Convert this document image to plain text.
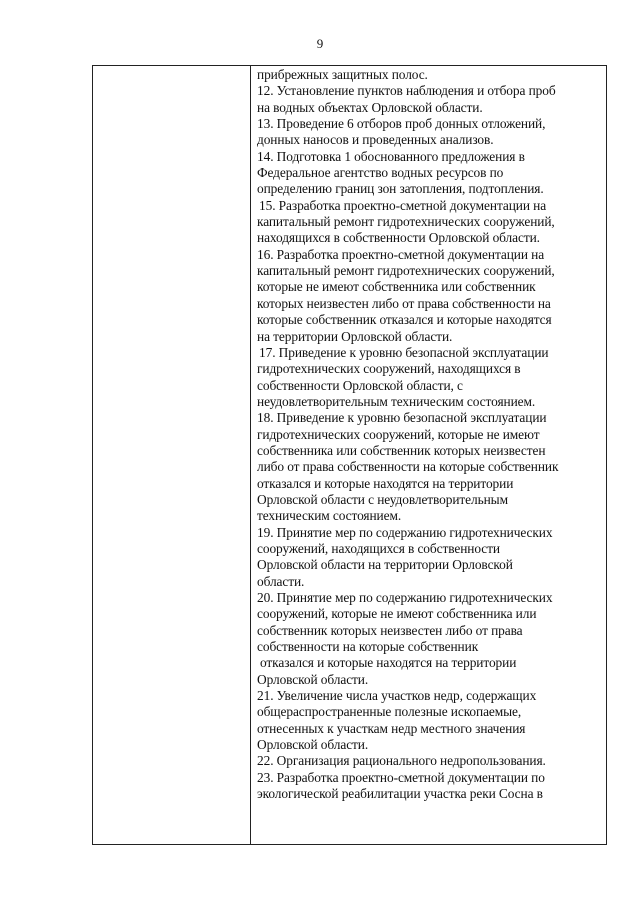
9
прибрежных защитных полос.
12. Установление пунктов наблюдения и отбора проб
на водных объектах Орловской области.
13. Проведение 6 отборов проб донных отложений,
донных наносов и проведенных анализов.
14. Подготовка 1 обоснованного предложения в
Федеральное агентство водных ресурсов по
определению границ зон затопления, подтопления.
15. Разработка проектно-сметной документации на
капитальный ремонт гидротехнических сооружений,
находящихся в собственности Орловской области.
16. Разработка проектно-сметной документации на
капитальный ремонт гидротехнических сооружений,
которые не имеют собственника или собственник
которых неизвестен либо от права собственности на
которые собственник отказался и которые находятся
на территории Орловской области.
17. Приведение к уровню безопасной эксплуатации
гидротехнических сооружений, находящихся в
собственности Орловской области, с
неудовлетворительным техническим состоянием.
18. Приведение к уровню безопасной эксплуатации
гидротехнических сооружений, которые не имеют
собственника или собственник которых неизвестен
либо от права собственности на которые собственник
отказался и которые находятся на территории
Орловской области с неудовлетворительным
техническим состоянием.
19. Принятие мер по содержанию гидротехнических
сооружений, находящихся в собственности
Орловской области на территории Орловской
области.
20. Принятие мер по содержанию гидротехнических
сооружений, которые не имеют собственника или
собственник которых неизвестен либо от права
собственности на которые собственник
отказался и которые находятся на территории
Орловской области.
21. Увеличение числа участков недр, содержащих
общераспространенные полезные ископаемые,
отнесенных к участкам недр местного значения
Орловской области.
22. Организация рационального недропользования.
23. Разработка проектно-сметной документации по
экологической реабилитации участка реки Сосна в
